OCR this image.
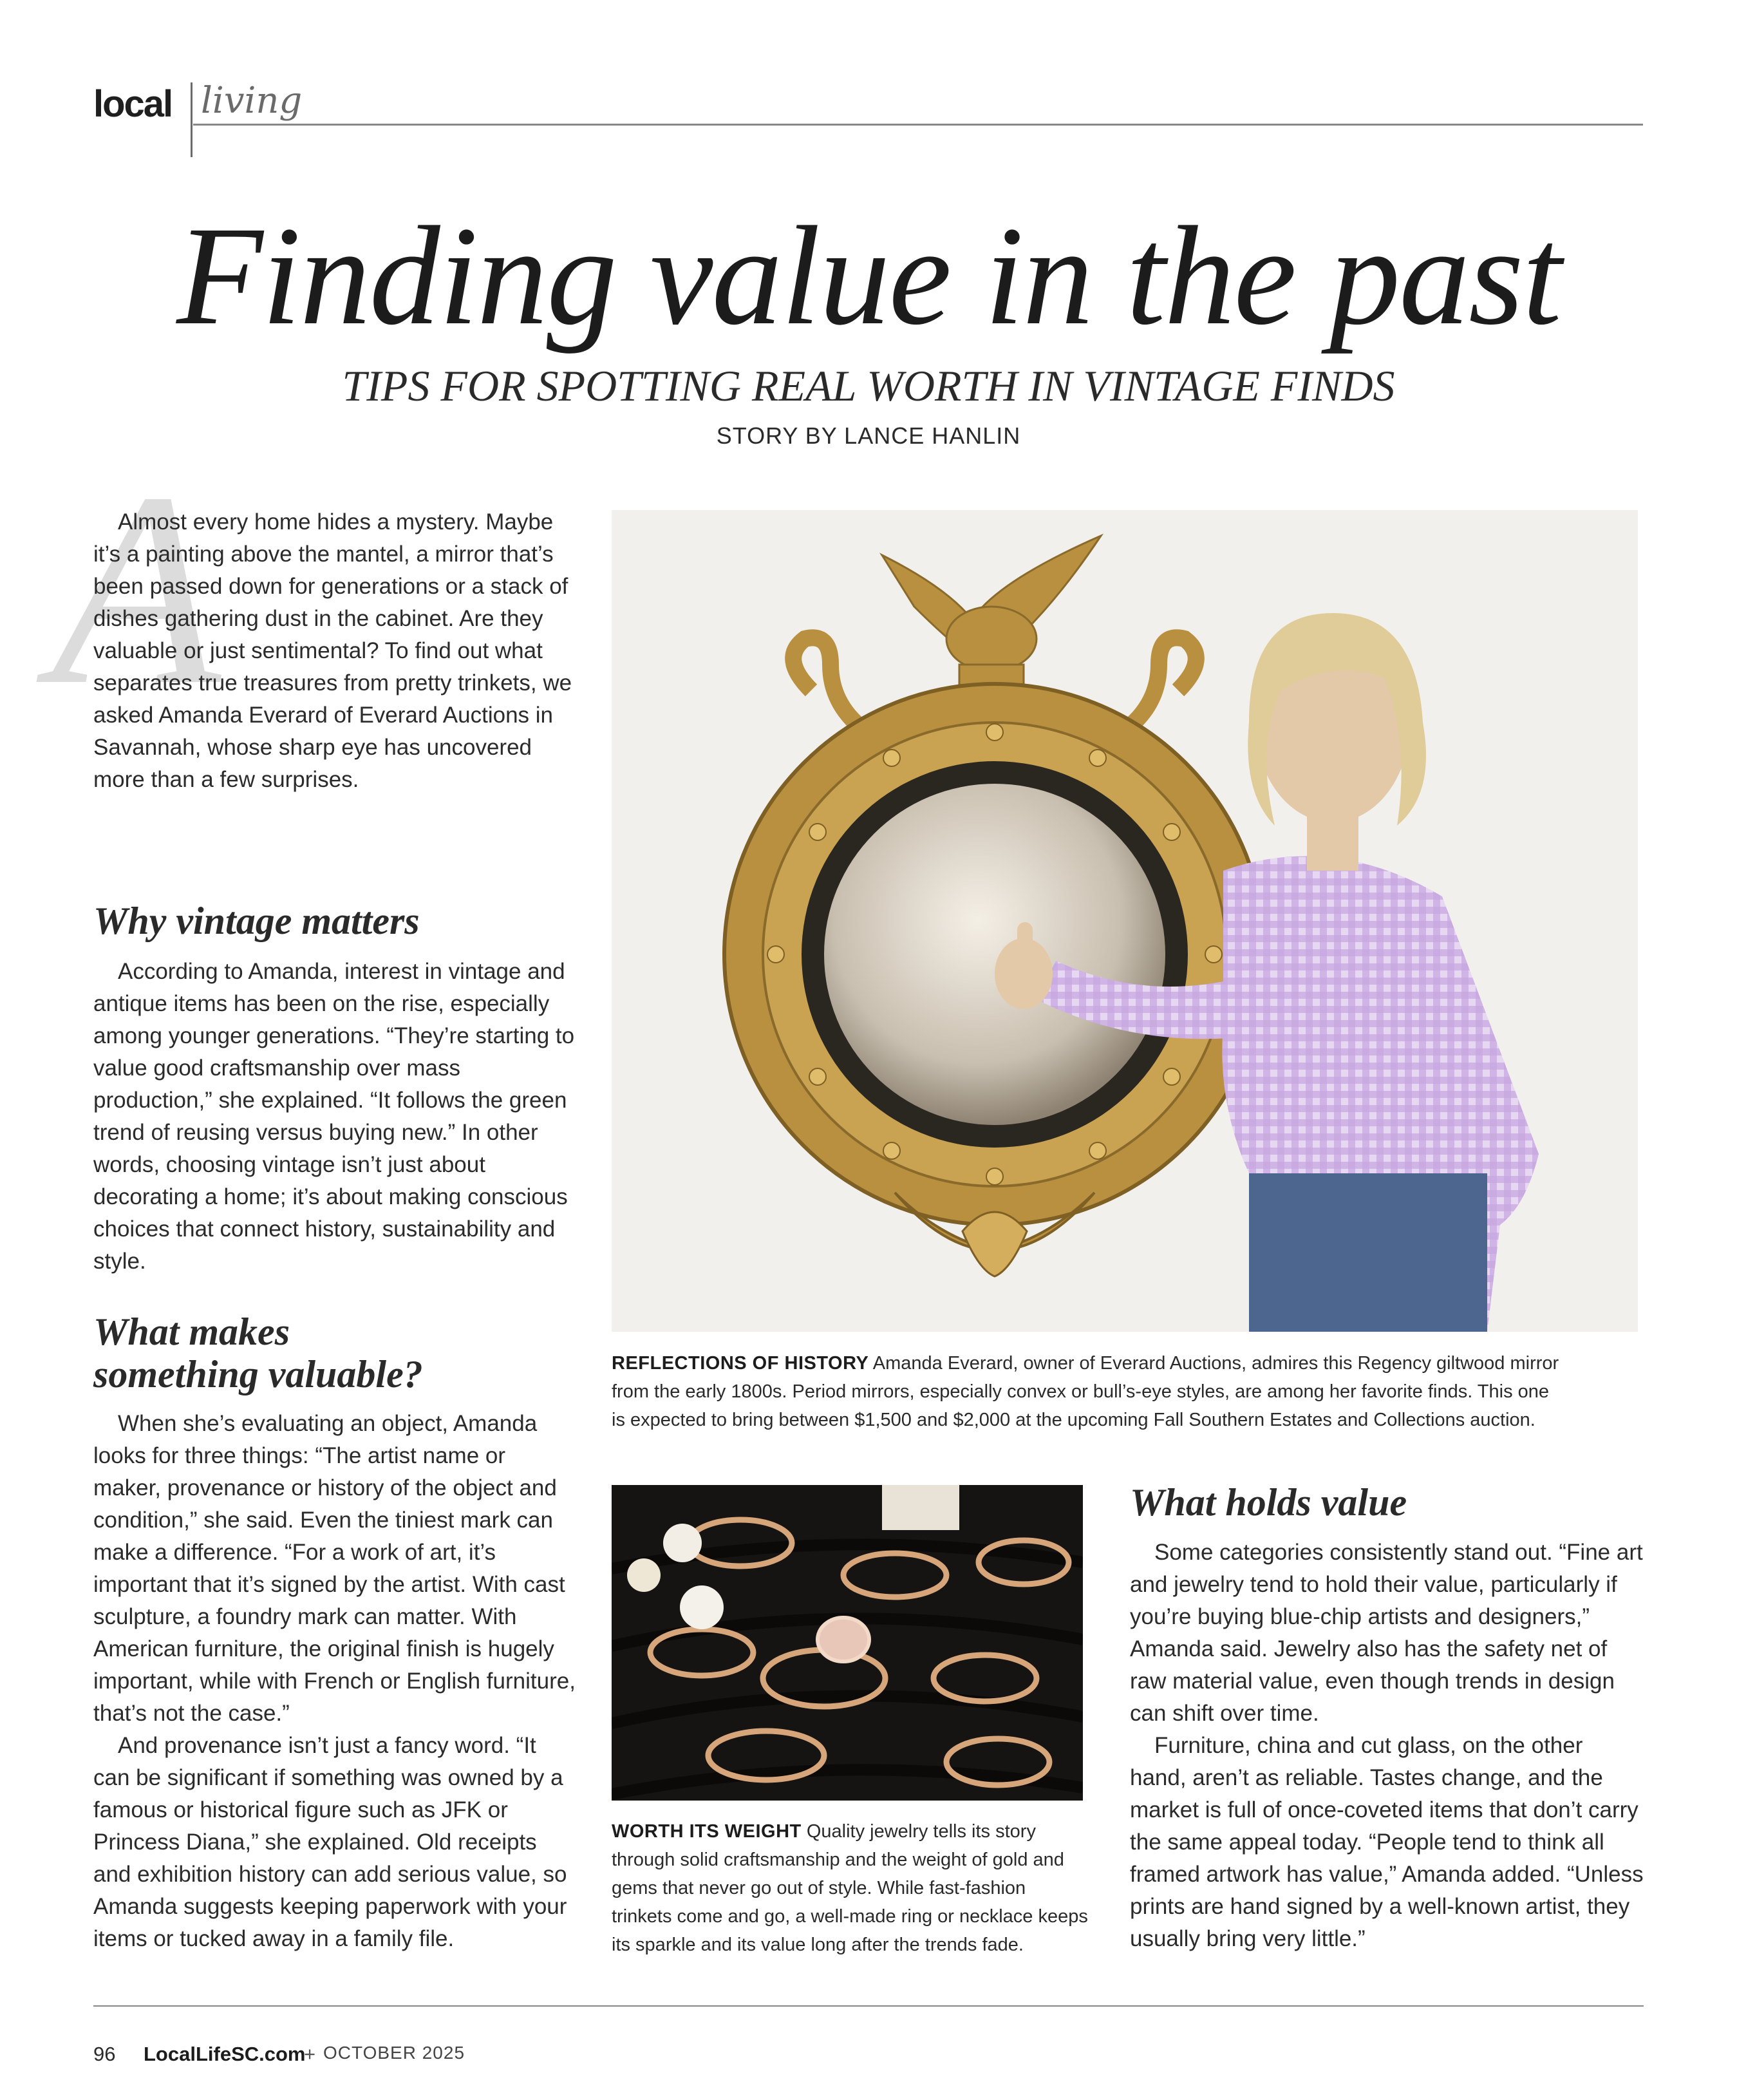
local living
Finding value in the past
TIPS FOR SPOTTING REAL WORTH IN VINTAGE FINDS
STORY BY LANCE HANLIN
A

Almost every home hides a mystery. Maybe it’s a painting above the mantel, a mirror that’s been passed down for generations or a stack of dishes gathering dust in the cabinet. Are they valuable or just sentimental? To find out what separates true treasures from pretty trinkets, we asked Amanda Everard of Everard Auctions in Savannah, whose sharp eye has uncovered more than a few surprises.

Why vintage matters

According to Amanda, interest in vintage and antique items has been on the rise, especially among younger generations. “They’re starting to value good craftsmanship over mass production,” she explained. “It follows the green trend of reusing versus buying new.” In other words, choosing vintage isn’t just about decorating a home; it’s about making conscious choices that connect history, sustainability and style.

What makes something valuable?

When she’s evaluating an object, Amanda looks for three things: “The artist name or maker, provenance or history of the object and condition,” she said. Even the tiniest mark can make a difference. “For a work of art, it’s important that it’s signed by the artist. With cast sculpture, a foundry mark can matter. With American furniture, the original finish is hugely important, while with French or English furniture, that’s not the case.”

And provenance isn’t just a fancy word. “It can be significant if something was owned by a famous or historical figure such as JFK or Princess Diana,” she explained. Old receipts and exhibition history can add serious value, so Amanda suggests keeping paperwork with your items or tucked away in a family file.

REFLECTIONS OF HISTORY Amanda Everard, owner of Everard Auctions, admires this Regency giltwood mirror from the early 1800s. Period mirrors, especially convex or bull’s-eye styles, are among her favorite finds. This one is expected to bring between $1,500 and $2,000 at the upcoming Fall Southern Estates and Collections auction.

WORTH ITS WEIGHT Quality jewelry tells its story through solid craftsmanship and the weight of gold and gems that never go out of style. While fast-fashion trinkets come and go, a well-made ring or necklace keeps its sparkle and its value long after the trends fade.

What holds value

Some categories consistently stand out. “Fine art and jewelry tend to hold their value, particularly if you’re buying blue-chip artists and designers,” Amanda said. Jewelry also has the safety net of raw material value, even though trends in design can shift over time.

Furniture, china and cut glass, on the other hand, aren’t as reliable. Tastes change, and the market is full of once-coveted items that don’t carry the same appeal today. “People tend to think all framed artwork has value,” Amanda added. “Unless prints are hand signed by a well-known artist, they usually bring very little.”

96 LocalLifeSC.com
+ OCTOBER 2025
